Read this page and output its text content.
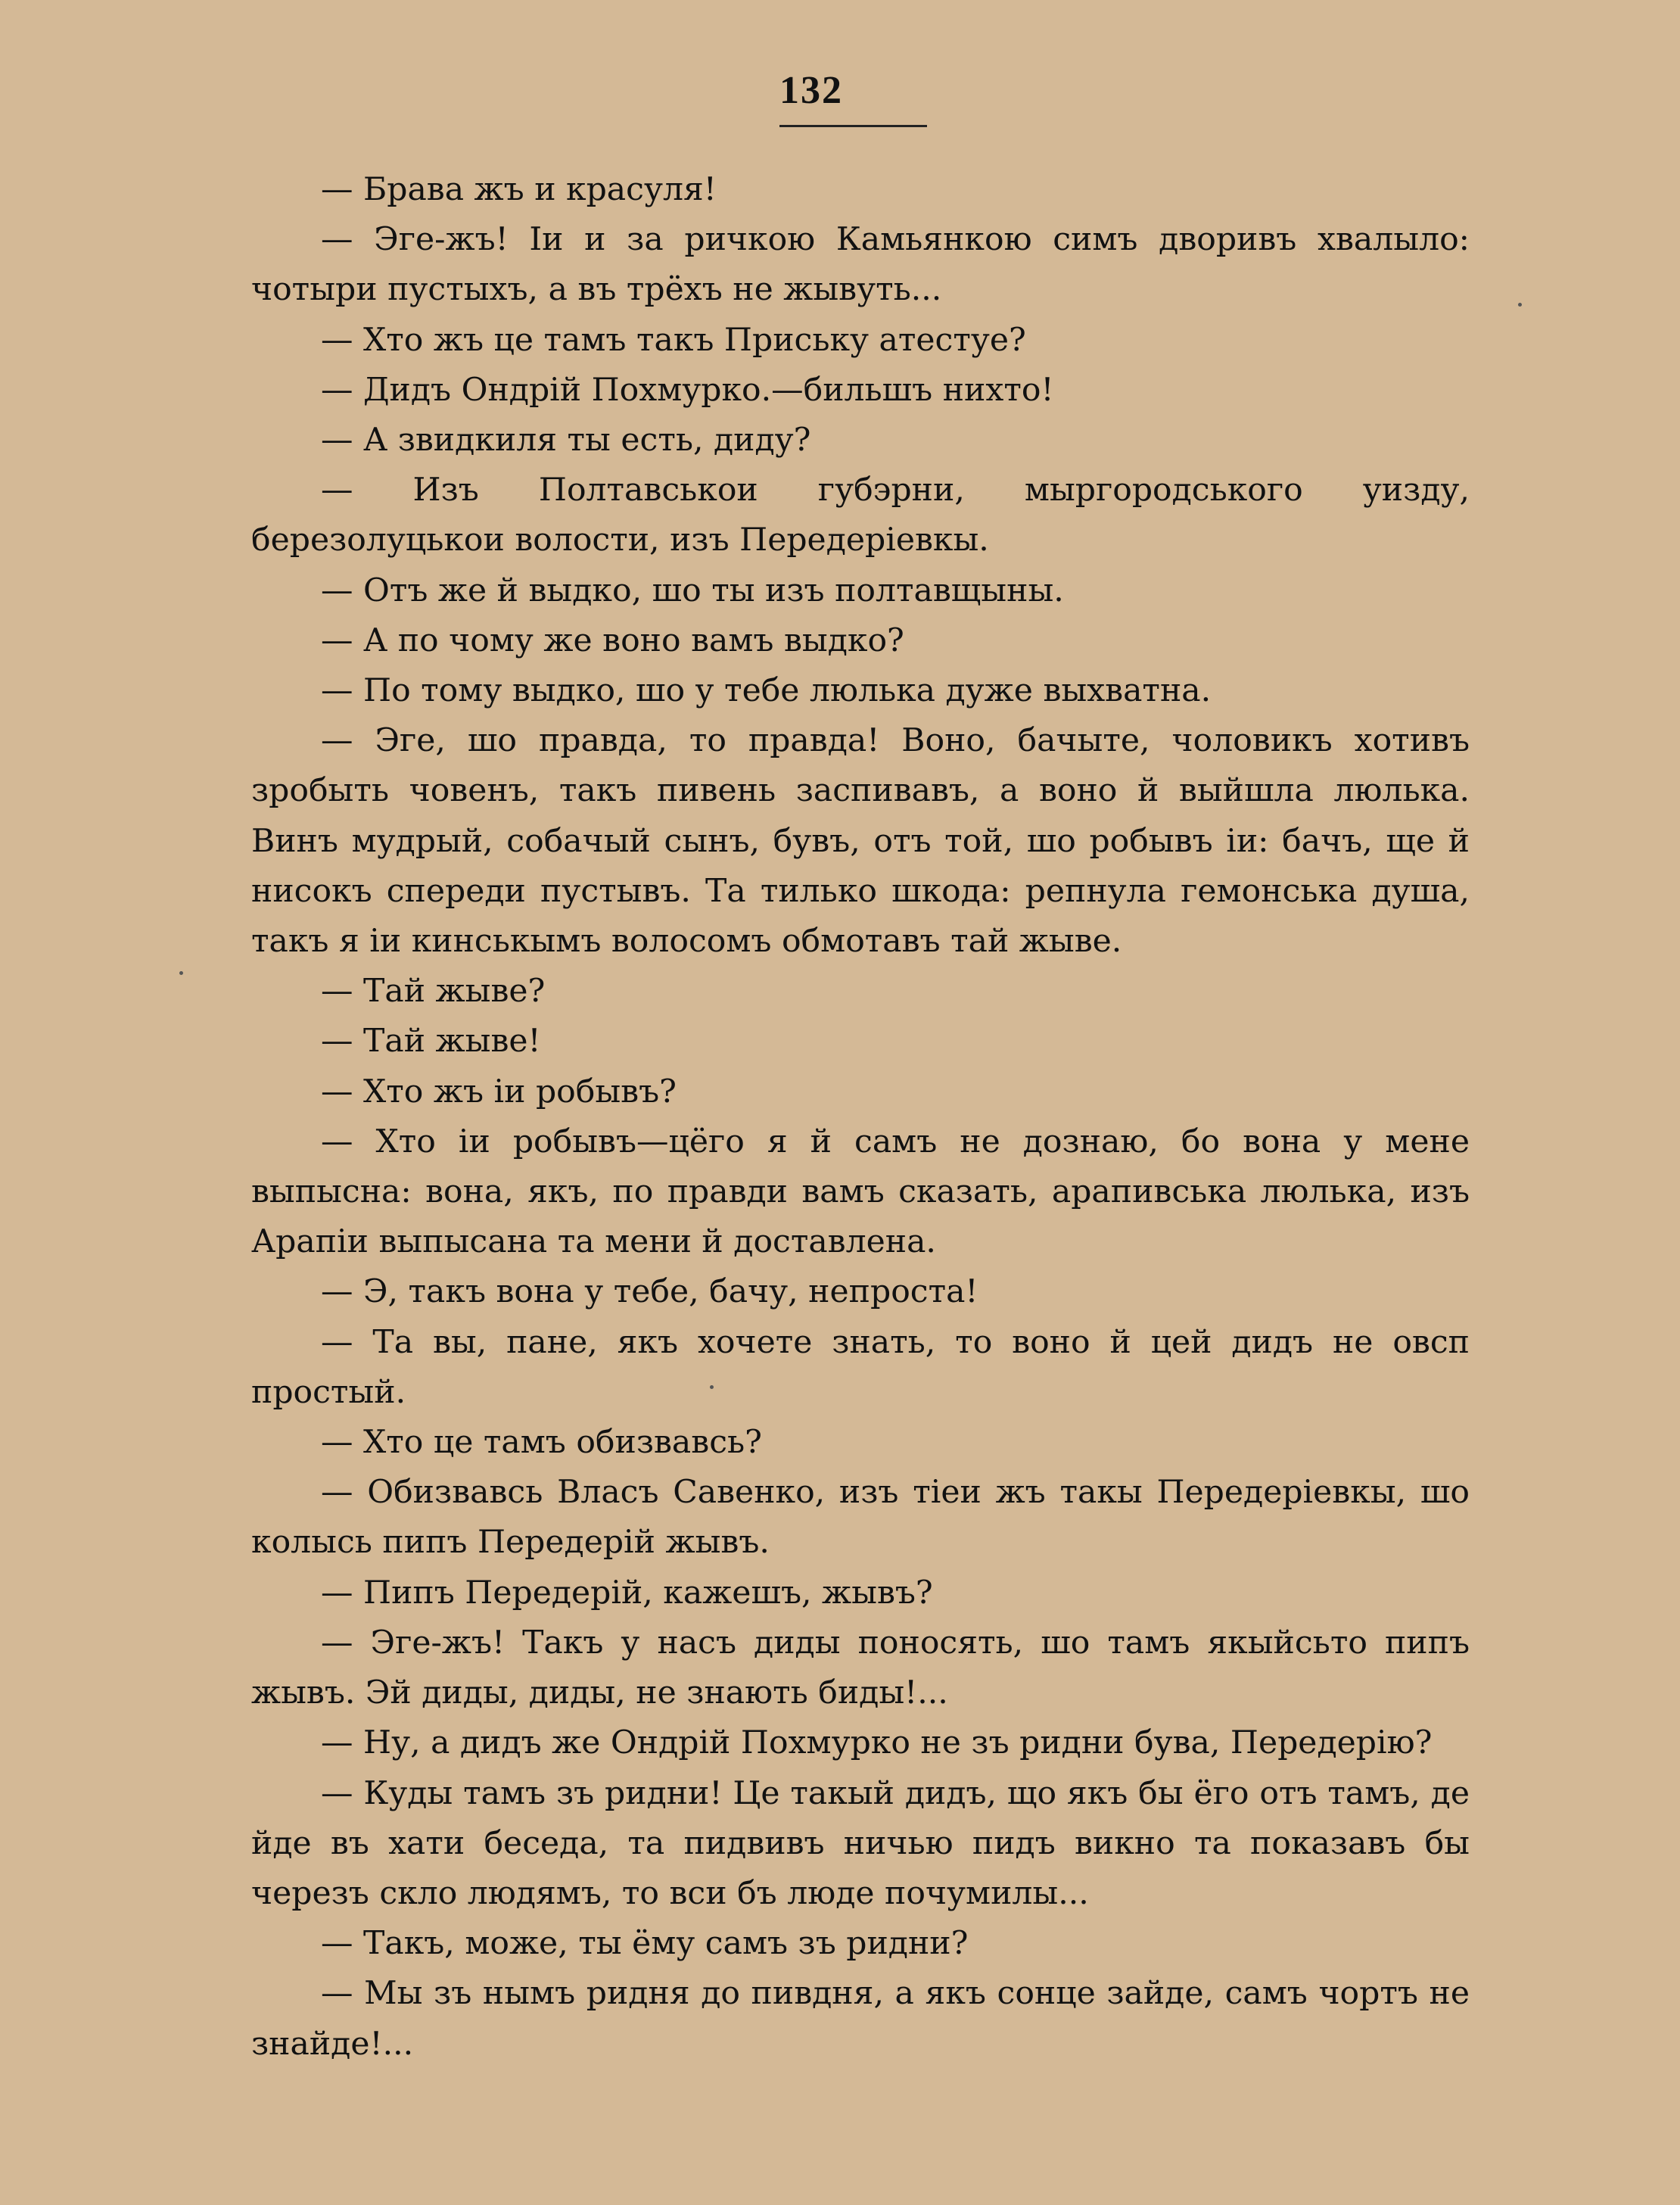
132

— Брава жъ и красуля!

— Эге-жъ! Іи и за ричкою Камьянкою симъ дворивъ хвалыло: чотыри пустыхъ, а въ трёхъ не жывуть...

— Хто жъ це тамъ такъ Приську атестуе?

— Дидъ Ондрій Похмурко.—бильшъ нихто!

— А звидкиля ты есть, диду?

— Изъ Полтавськои губэрни, мыргородського уизду, березолуцькои волости, изъ Передеріевкы.

— Отъ же й выдко, шо ты изъ полтавщыны.

— А по чому же воно вамъ выдко?

— По тому выдко, шо у тебе люлька дуже выхватна.

— Эге, шо правда, то правда! Воно, бачыте, чоловикъ хотивъ зробыть човенъ, такъ пивень заспивавъ, а воно й выйшла люлька. Винъ мудрый, собачый сынъ, бувъ, отъ той, шо робывъ іи: бачъ, ще й нисокъ спереди пустывъ. Та тилько шкода: репнула гемонська душа, такъ я іи кинськымъ волосомъ обмотавъ тай жыве.

— Тай жыве?

— Тай жыве!

— Хто жъ іи робывъ?

— Хто іи робывъ—цёго я й самъ не дознаю, бо вона у мене выпысна: вона, якъ, по правди вамъ сказать, арапивська люлька, изъ Арапіи выпысана та мени й доставлена.

— Э, такъ вона у тебе, бачу, непроста!

— Та вы, пане, якъ хочете знать, то воно й цей дидъ не овсп простый.

— Хто це тамъ обизвавсь?

— Обизвавсь Власъ Савенко, изъ тіеи жъ такы Передеріевкы, шо колысь пипъ Передерій жывъ.

— Пипъ Передерій, кажешъ, жывъ?

— Эге-жъ! Такъ у насъ диды поносять, шо тамъ якыйсьто пипъ жывъ. Эй диды, диды, не знають биды!...

— Ну, а дидъ же Ондрій Похмурко не зъ ридни бува, Передерію?

— Куды тамъ зъ ридни! Це такый дидъ, що якъ бы ёго отъ тамъ, де йде въ хати беседа, та пидвивъ ничью пидъ викно та показавъ бы черезъ скло людямъ, то вси бъ люде почумилы...

— Такъ, може, ты ёму самъ зъ ридни?

— Мы зъ нымъ ридня до пивдня, а якъ сонце зайде, самъ чортъ не знайде!...
